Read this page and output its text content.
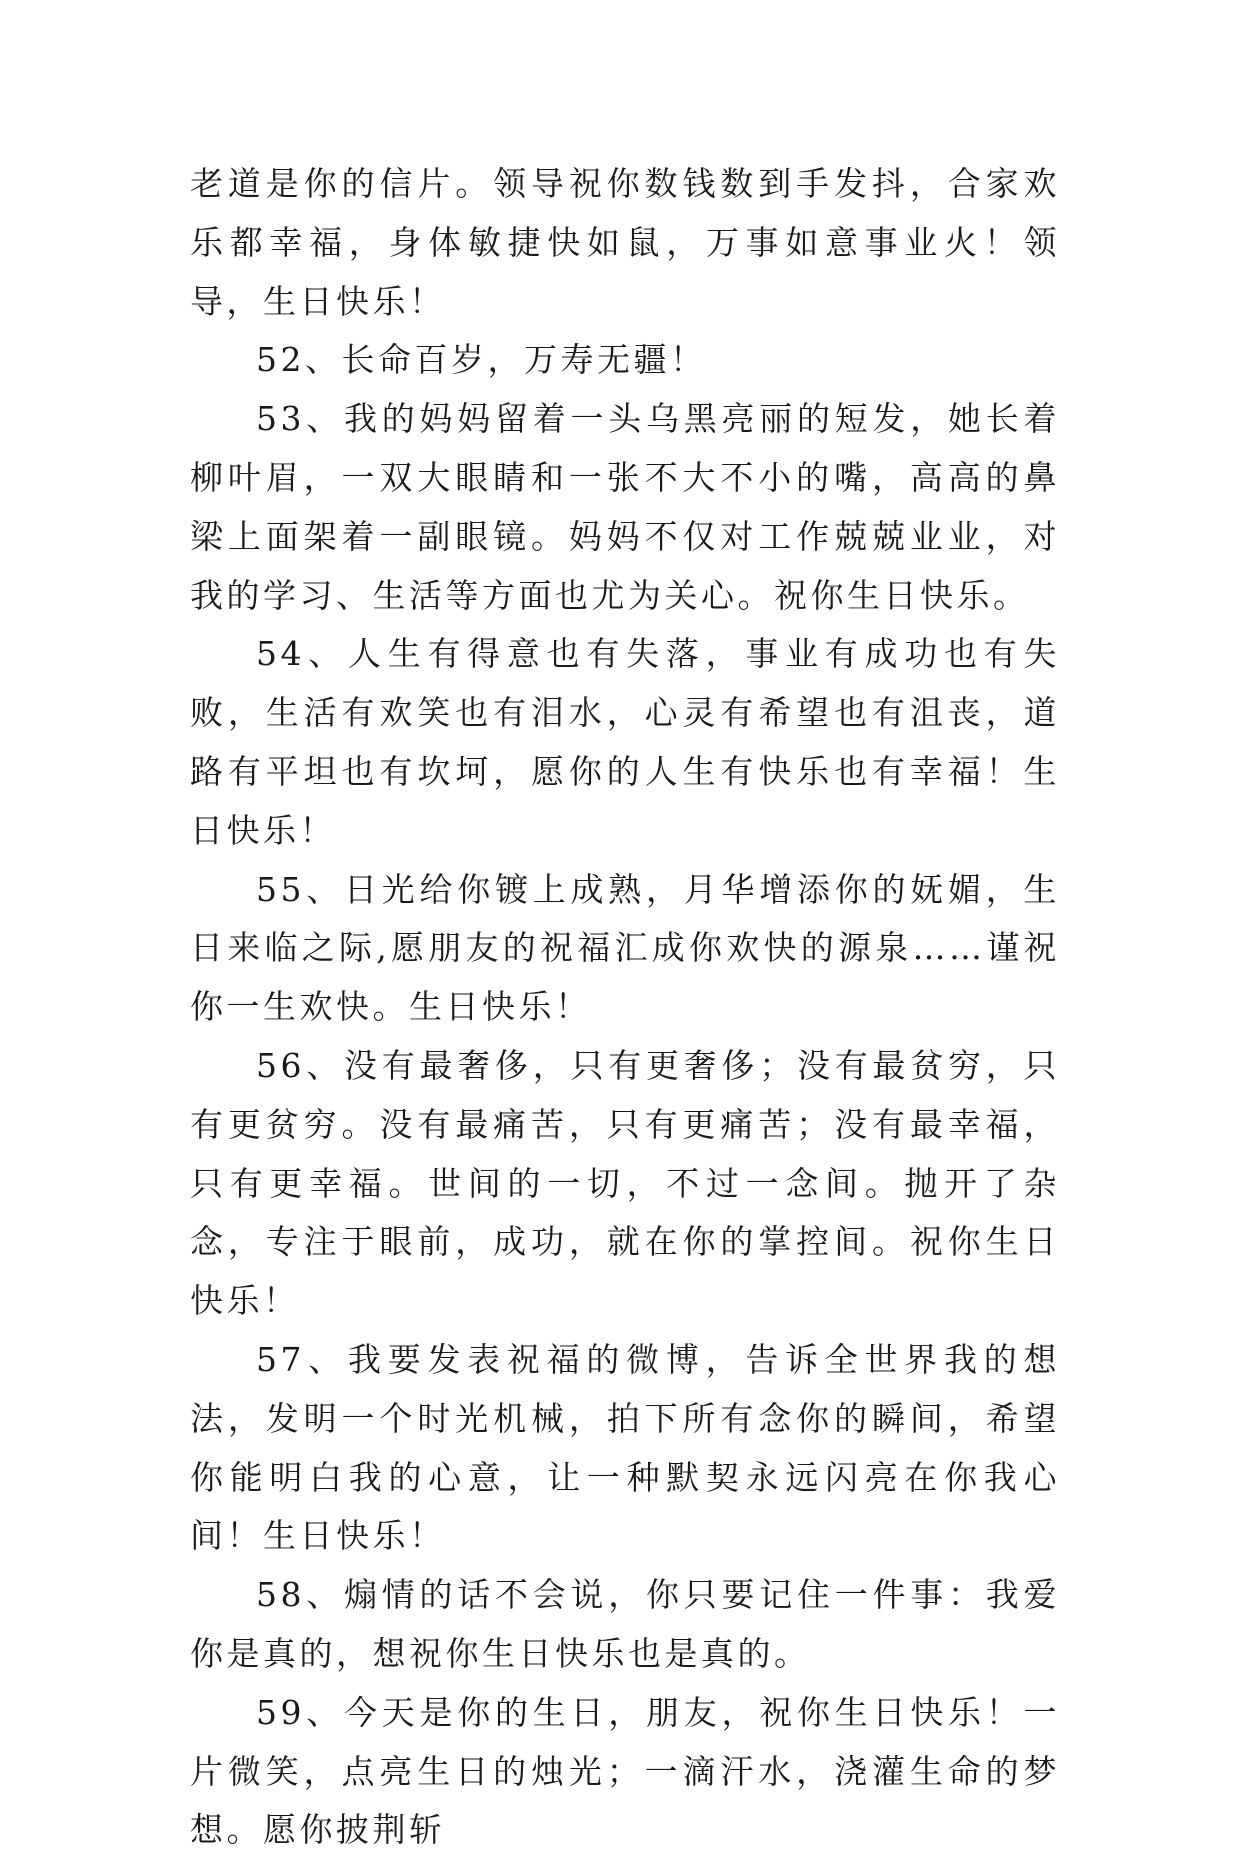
老道是你的信片。领导祝你数钱数到手发抖，合家欢乐都幸福，身体敏捷快如鼠，万事如意事业火！领导，生日快乐！

52、长命百岁，万寿无疆！

53、我的妈妈留着一头乌黑亮丽的短发，她长着柳叶眉，一双大眼睛和一张不大不小的嘴，高高的鼻梁上面架着一副眼镜。妈妈不仅对工作兢兢业业，对我的学习、生活等方面也尤为关心。祝你生日快乐。

54、人生有得意也有失落，事业有成功也有失败，生活有欢笑也有泪水，心灵有希望也有沮丧，道路有平坦也有坎坷，愿你的人生有快乐也有幸福！生日快乐！

55、日光给你镀上成熟，月华增添你的妩媚，生日来临之际,愿朋友的祝福汇成你欢快的源泉……谨祝你一生欢快。生日快乐！

56、没有最奢侈，只有更奢侈；没有最贫穷，只有更贫穷。没有最痛苦，只有更痛苦；没有最幸福，只有更幸福。世间的一切，不过一念间。抛开了杂念，专注于眼前，成功，就在你的掌控间。祝你生日快乐！

57、我要发表祝福的微博，告诉全世界我的想法，发明一个时光机械，拍下所有念你的瞬间，希望你能明白我的心意，让一种默契永远闪亮在你我心间！生日快乐！

58、煽情的话不会说，你只要记住一件事：我爱你是真的，想祝你生日快乐也是真的。

59、今天是你的生日，朋友，祝你生日快乐！一片微笑，点亮生日的烛光；一滴汗水，浇灌生命的梦想。愿你披荆斩
